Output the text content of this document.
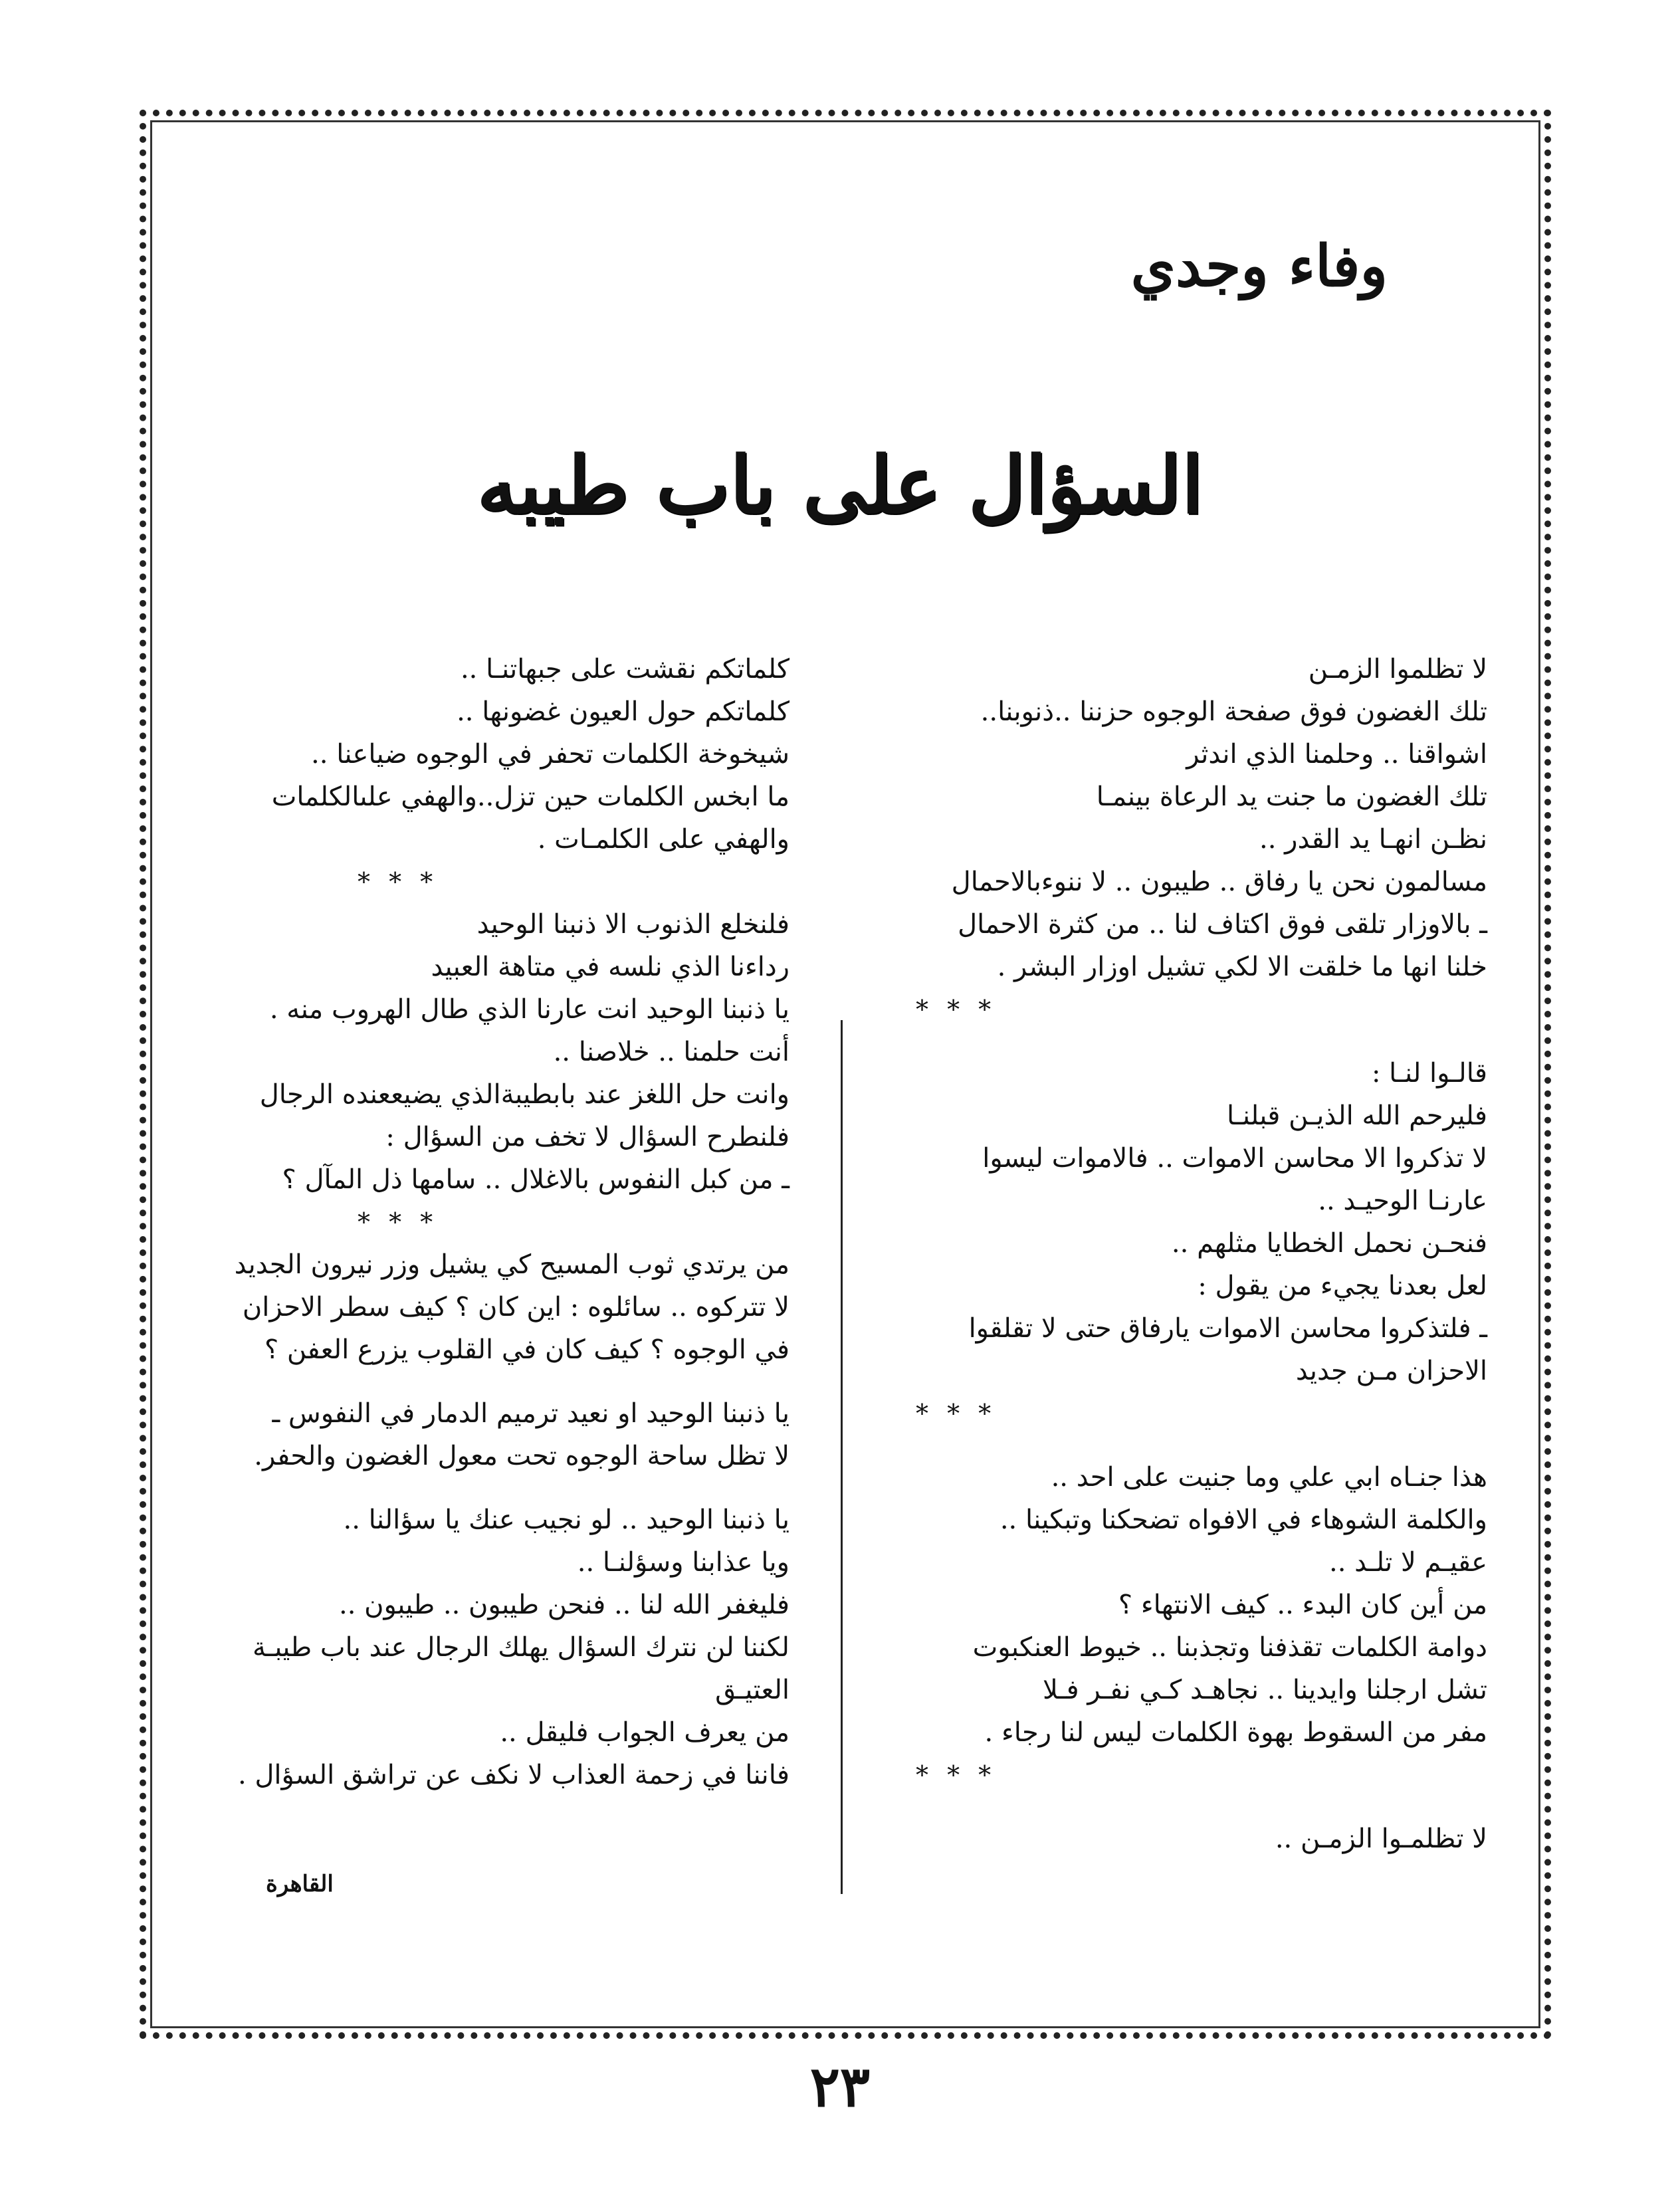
وفاء وجدي
السؤال على باب طيبه
لا تظلموا الزمـن
تلك الغضون فوق صفحة الوجوه حزننا ..ذنوبنا..
اشواقنا .. وحلمنا الذي اندثر
تلك الغضون ما جنت يد الرعاة بينمـا
نظـن انهـا يد القدر ..
مسالمون نحن يا رفاق .. طيبون .. لا ننوءبالاحمال
ـ بالاوزار تلقى فوق اكتاف لنا .. من كثرة الاحمال
خلنا انها ما خلقت الا لكي تشيل اوزار البشر .
* * *
قالـوا لنـا :
فليرحم الله الذيـن قبلنـا
لا تذكروا الا محاسن الاموات .. فالاموات ليسوا
عارنـا الوحيـد ..
فنحـن نحمل الخطايا مثلهم ..
لعل بعدنا يجيء من يقول :
ـ فلتذكروا محاسن الاموات يارفاق حتى لا تقلقوا
الاحزان مـن جديد
* * *
هذا جنـاه ابي علي وما جنيت على احد ..
والكلمة الشوهاء في الافواه تضحكنا وتبكينا ..
عقيـم لا تلـد ..
من أين كان البدء .. كيف الانتهاء ؟
دوامة الكلمات تقذفنا وتجذبنا .. خيوط العنكبوت
تشل ارجلنا وايدينا .. نجاهـد كـي نفـر فـلا
مفر من السقوط بهوة الكلمات ليس لنا رجاء .
* * *
لا تظلمـوا الزمـن ..
كلماتكم نقشت على جبهاتنـا ..
كلماتكم حول العيون غضونها ..
شيخوخة الكلمات تحفر في الوجوه ضياعنا ..
ما ابخس الكلمات حين تزل..والهفي علىالكلمات
والهفي على الكلمـات .
* * *
فلنخلع الذنوب الا ذنبنا الوحيد
رداءنا الذي نلسه في متاهة العبيد
يا ذنبنا الوحيد انت عارنا الذي طال الهروب منه .
أنت حلمنا .. خلاصنا ..
وانت حل اللغز عند بابطيبةالذي يضيععنده الرجال
فلنطرح السؤال لا تخف من السؤال :
ـ من كبل النفوس بالاغلال .. سامها ذل المآل ؟
* * *
من يرتدي ثوب المسيح كي يشيل وزر نيرون الجديد
لا تتركوه .. سائلوه : اين كان ؟ كيف سطر الاحزان
في الوجوه ؟ كيف كان في القلوب يزرع العفن ؟
يا ذنبنا الوحيد او نعيد ترميم الدمار في النفوس ـ
لا تظل ساحة الوجوه تحت معول الغضون والحفر.
يا ذنبنا الوحيد .. لو نجيب عنك يا سؤالنا ..
ويا عذابنا وسؤلنـا ..
فليغفر الله لنا .. فنحن طيبون .. طيبون ..
لكننا لن نترك السؤال يهلك الرجال عند باب طيبـة
العتيـق
من يعرف الجواب فليقل ..
فاننا في زحمة العذاب لا نكف عن تراشق السؤال .
القاهرة
٢٣
